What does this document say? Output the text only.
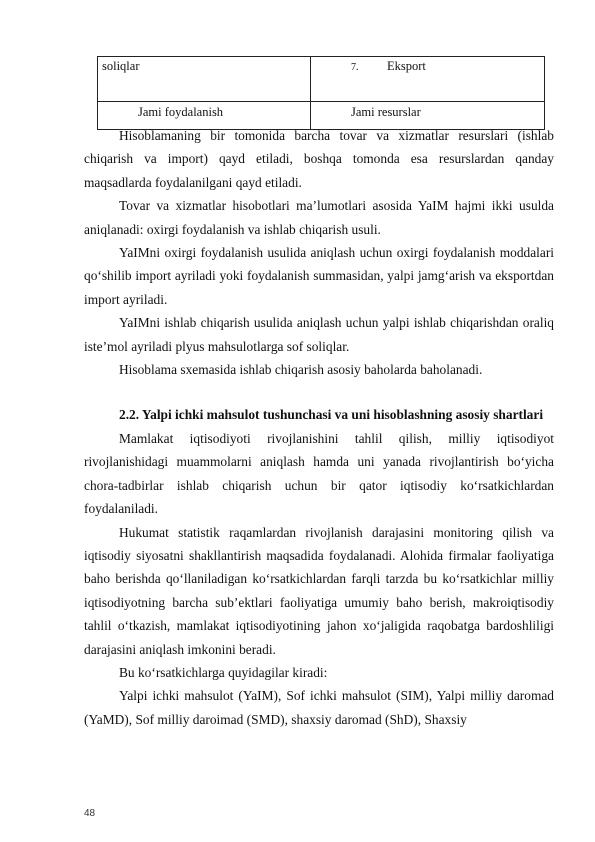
soliqlar	7. Eksport
Jami foydalanish	Jami resurslar

Hisoblamaning bir tomonida barcha tovar va xizmatlar resurslari (ishlab chiqarish va import) qayd etiladi, boshqa tomonda esa resurslardan qanday maqsadlarda foydalanilgani qayd etiladi.

Tovar va xizmatlar hisobotlari ma’lumotlari asosida YaIM hajmi ikki usulda aniqlanadi: oxirgi foydalanish va ishlab chiqarish usuli.

YaIMni oxirgi foydalanish usulida aniqlash uchun oxirgi foydalanish moddalari qo‘shilib import ayriladi yoki foydalanish summasidan, yalpi jamg‘arish va eksportdan import ayriladi.

YaIMni ishlab chiqarish usulida aniqlash uchun yalpi ishlab chiqarishdan oraliq iste’mol ayriladi plyus mahsulotlarga sof soliqlar.

Hisoblama sxemasida ishlab chiqarish asosiy baholarda baholanadi.

2.2. Yalpi ichki mahsulot tushunchasi va uni hisoblashning asosiy shartlari

Mamlakat iqtisodiyoti rivojlanishini tahlil qilish, milliy iqtisodiyot rivojlanishidagi muammolarni aniqlash hamda uni yanada rivojlantirish bo‘yicha chora-tadbirlar ishlab chiqarish uchun bir qator iqtisodiy ko‘rsatkichlardan foydalaniladi.

Hukumat statistik raqamlardan rivojlanish darajasini monitoring qilish va iqtisodiy siyosatni shakllantirish maqsadida foydalanadi. Alohida firmalar faoliyatiga baho berishda qo‘llaniladigan ko‘rsatkichlardan farqli tarzda bu ko‘rsatkichlar milliy iqtisodiyotning barcha sub’ektlari faoliyatiga umumiy baho berish, makroiqtisodiy tahlil o‘tkazish, mamlakat iqtisodiyotining jahon xo‘jaligida raqobatga bardoshliligi darajasini aniqlash imkonini beradi.

Bu ko‘rsatkichlarga quyidagilar kiradi:

Yalpi ichki mahsulot (YaIM), Sof ichki mahsulot (SIM), Yalpi milliy daromad (YaMD), Sof milliy daroimad (SMD), shaxsiy daromad (ShD), Shaxsiy

48
